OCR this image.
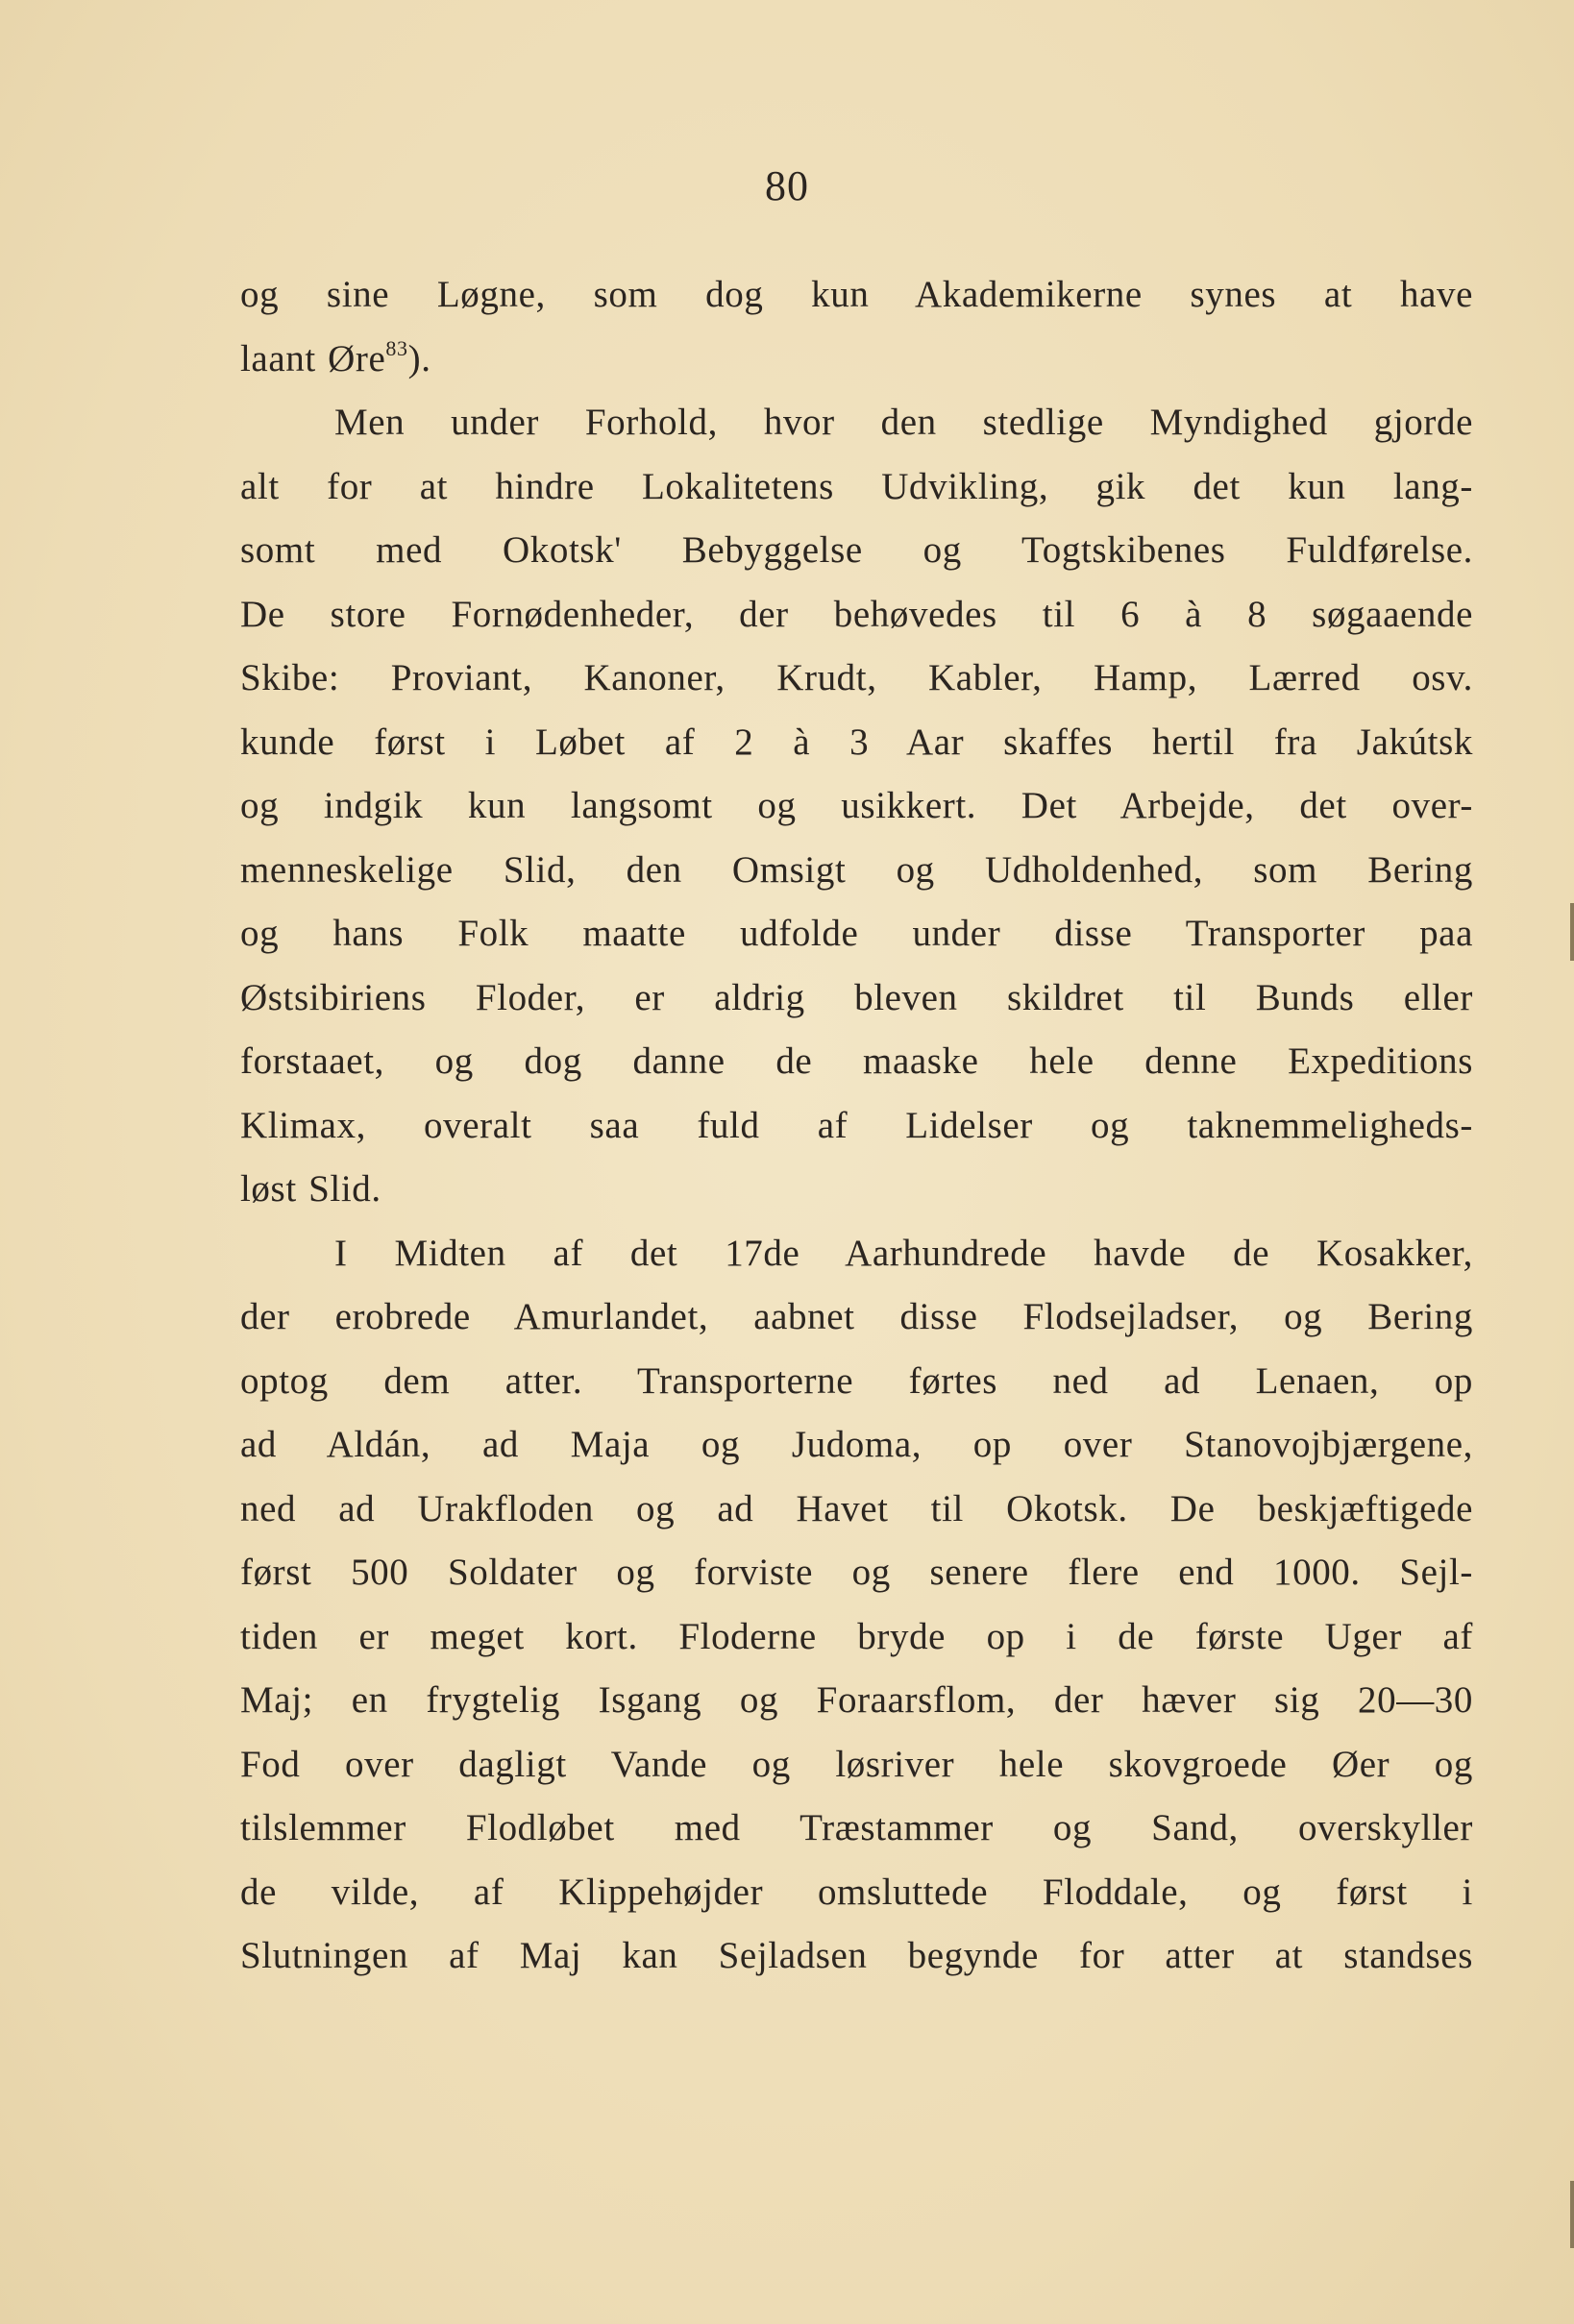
80
og sine Løgne, som dog kun Akademikerne synes at have
laant Øre$^{83}$).
Men under Forhold, hvor den stedlige Myndighed gjorde
alt for at hindre Lokalitetens Udvikling, gik det kun lang-
somt med Okotsk' Bebyggelse og Togtskibenes Fuldførelse.
De store Fornødenheder, der behøvedes til 6 à 8 søgaaende
Skibe: Proviant, Kanoner, Krudt, Kabler, Hamp, Lærred osv.
kunde først i Løbet af 2 à 3 Aar skaffes hertil fra Jakútsk
og indgik kun langsomt og usikkert. Det Arbejde, det over-
menneskelige Slid, den Omsigt og Udholdenhed, som Bering
og hans Folk maatte udfolde under disse Transporter paa
Østsibiriens Floder, er aldrig bleven skildret til Bunds eller
forstaaet, og dog danne de maaske hele denne Expeditions
Klimax, overalt saa fuld af Lidelser og taknemmeligheds-
løst Slid.
I Midten af det 17de Aarhundrede havde de Kosakker,
der erobrede Amurlandet, aabnet disse Flodsejladser, og Bering
optog dem atter. Transporterne førtes ned ad Lenaen, op
ad Aldán, ad Maja og Judoma, op over Stanovojbjærgene,
ned ad Urakfloden og ad Havet til Okotsk. De beskjæftigede
først 500 Soldater og forviste og senere flere end 1000. Sejl-
tiden er meget kort. Floderne bryde op i de første Uger af
Maj; en frygtelig Isgang og Foraarsflom, der hæver sig 20—30
Fod over dagligt Vande og løsriver hele skovgroede Øer og
tilslemmer Flodløbet med Træstammer og Sand, overskyller
de vilde, af Klippehøjder omsluttede Floddale, og først i
Slutningen af Maj kan Sejladsen begynde for atter at standses
